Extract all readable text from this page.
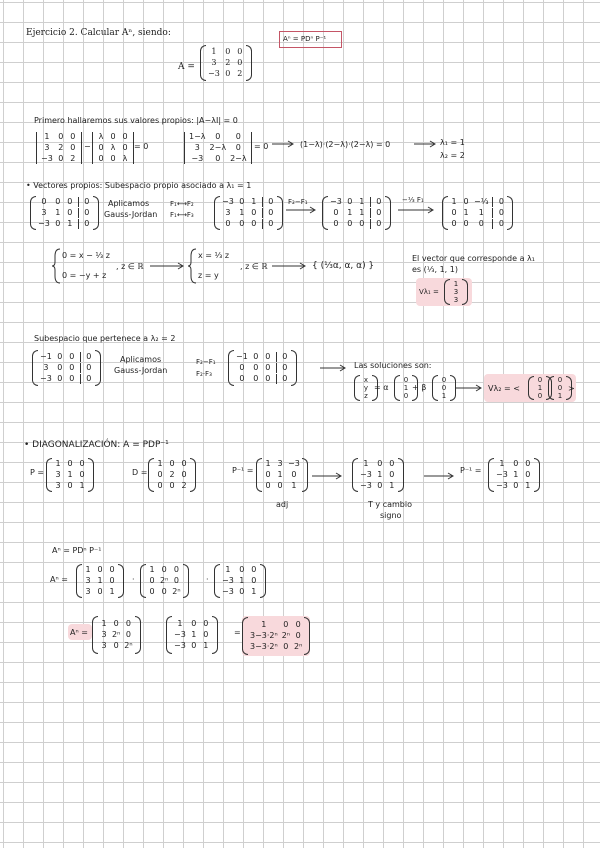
Ejercicio 2. Calcular Aⁿ, siendo:
Aⁿ = PDⁿ P⁻¹
A =
1	0 0
3	2 0
−3 0 2
Primero hallaremos sus valores propios: |A−λI| = 0
1	0 0
3	2 0
−3 0 2
−
λ 0 0
0 λ 0
0 0 λ
= 0
1−λ	0	0
3	2−λ	0
−3	0	2−λ
= 0	(1−λ)·(2−λ)·(2−λ) = 0	λ₁ = 1
λ₂ = 2
• Vectores propios: Subespacio propio asociado a λ₁ = 1
0	0 0	0
3	1 0	0
−3 0 1	0
Aplicamos
Gauss-Jordan
F₁⟷F₂
F₁⟷F₃
−3 0 1	0
3	1 0	0
0	0 0	0
F₂−F₁	−3 0 1	0
0	1 1	0
0	0 0	0
−⅓ F₁	1 0 −⅓	0
0 1	1	0
0 0	0	0
0 = x − ⅓ z
0 = −y + z
, z ∈ ℝ
x = ⅓ z
z = y
, z ∈ ℝ	{ (⅓α, α, α) }
El vector que corresponde a λ₁
es (¹⁄₃, 1, 1)
Vλ₁ =
1
3
3
Subespacio que pertenece a λ₂ = 2
−1 0 0	0
3	0 0	0
−3 0 0	0
Aplicamos
Gauss-Jordan
F₂−F₁
F₂·F₃
−1 0 0	0
0	0 0	0
0	0 0	0
Las soluciones son:
x
y
z
= α
0
1
0
+ β
0
0
1
Vλ₂ = <
0
1
0
0
0
1
>
• DIAGONALIZACIÓN: A = PDP⁻¹
P =
1 0 0
3 1 0
3 0 1
D =
1 0 0
0 2 0
0 0 2
P⁻¹ =
1 3 −3
0 1	0
0 0	1
adj
1	0 0
−3 1 0
−3 0 1
T y cambio
signo
P⁻¹ =
1	0 0
−3 1 0
−3 0 1
Aⁿ = PDⁿ P⁻¹
Aⁿ =
1 0 0
3 1 0
3 0 1
·
1 0 0
0 2ⁿ 0
0 0 2ⁿ
·
1	0 0
−3 1 0
−3 0 1
Aⁿ =
1 0 0
3 2ⁿ 0
3 0 2ⁿ
1	0 0
−3 1 0
−3 0 1
=
1	0 0
3−3·2ⁿ 2ⁿ 0
3−3·2ⁿ 0 2ⁿ
